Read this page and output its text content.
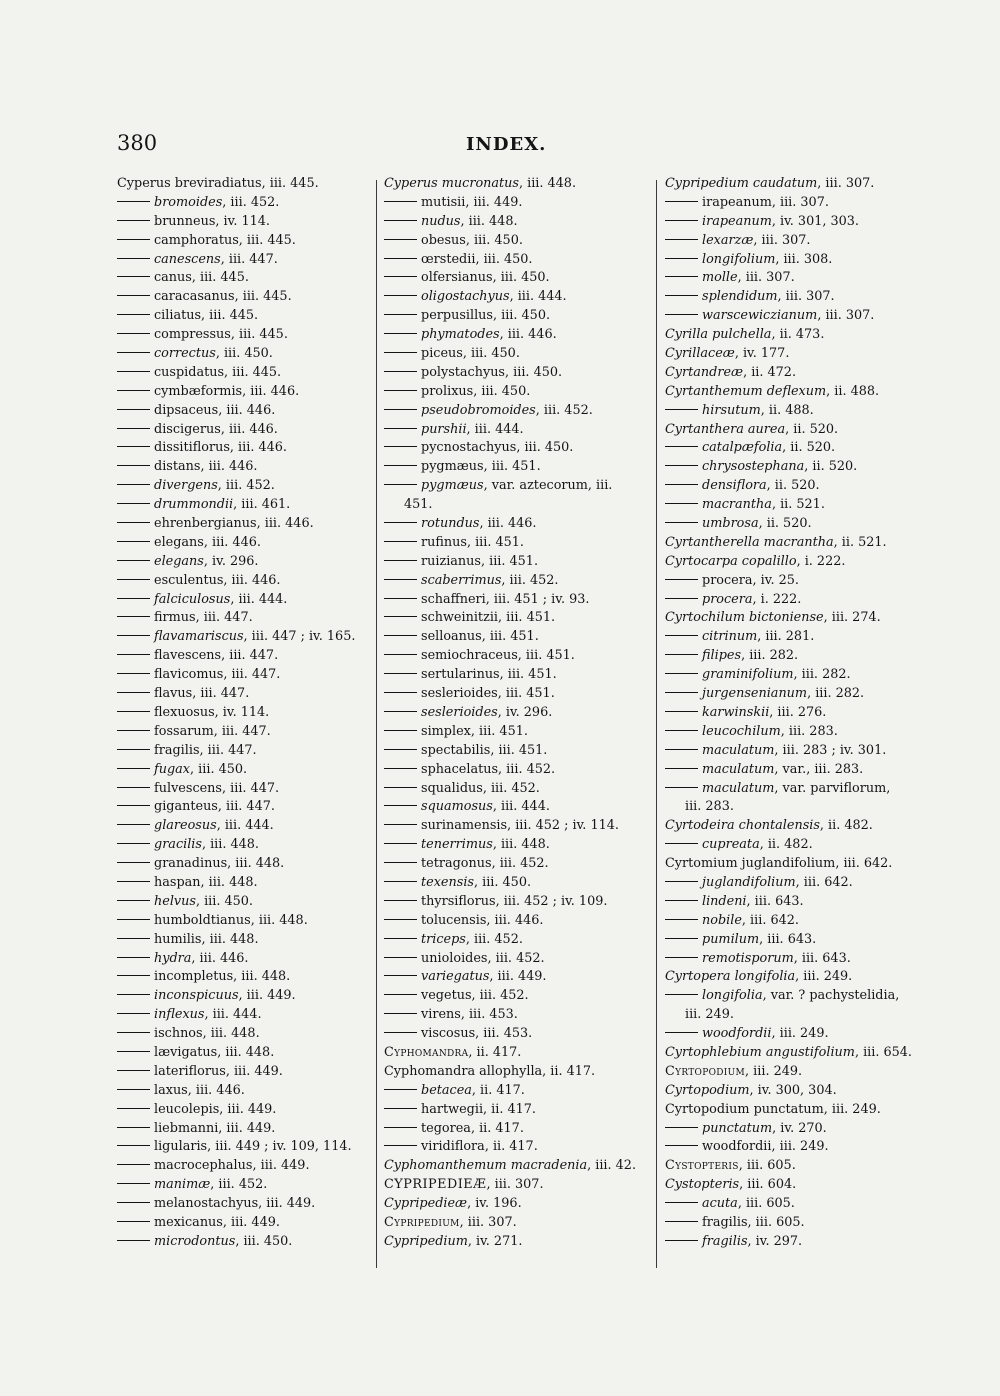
380	INDEX.
Cyperus breviradiatus, iii. 445.
bromoides, iii. 452.
brunneus, iv. 114.
camphoratus, iii. 445.
canescens, iii. 447.
canus, iii. 445.
caracasanus, iii. 445.
ciliatus, iii. 445.
compressus, iii. 445.
correctus, iii. 450.
cuspidatus, iii. 445.
cymbæformis, iii. 446.
dipsaceus, iii. 446.
discigerus, iii. 446.
dissitiflorus, iii. 446.
distans, iii. 446.
divergens, iii. 452.
drummondii, iii. 461.
ehrenbergianus, iii. 446.
elegans, iii. 446.
elegans, iv. 296.
esculentus, iii. 446.
falciculosus, iii. 444.
firmus, iii. 447.
flavamariscus, iii. 447 ; iv. 165.
flavescens, iii. 447.
flavicomus, iii. 447.
flavus, iii. 447.
flexuosus, iv. 114.
fossarum, iii. 447.
fragilis, iii. 447.
fugax, iii. 450.
fulvescens, iii. 447.
giganteus, iii. 447.
glareosus, iii. 444.
gracilis, iii. 448.
granadinus, iii. 448.
haspan, iii. 448.
helvus, iii. 450.
humboldtianus, iii. 448.
humilis, iii. 448.
hydra, iii. 446.
incompletus, iii. 448.
inconspicuus, iii. 449.
inflexus, iii. 444.
ischnos, iii. 448.
lævigatus, iii. 448.
lateriflorus, iii. 449.
laxus, iii. 446.
leucolepis, iii. 449.
liebmanni, iii. 449.
ligularis, iii. 449 ; iv. 109, 114.
macrocephalus, iii. 449.
manimæ, iii. 452.
melanostachyus, iii. 449.
mexicanus, iii. 449.
microdontus, iii. 450.
Cyperus mucronatus, iii. 448.
mutisii, iii. 449.
nudus, iii. 448.
obesus, iii. 450.
œrstedii, iii. 450.
olfersianus, iii. 450.
oligostachyus, iii. 444.
perpusillus, iii. 450.
phymatodes, iii. 446.
piceus, iii. 450.
polystachyus, iii. 450.
prolixus, iii. 450.
pseudobromoides, iii. 452.
purshii, iii. 444.
pycnostachyus, iii. 450.
pygmæus, iii. 451.
pygmæus, var. aztecorum, iii.
451.
rotundus, iii. 446.
rufinus, iii. 451.
ruizianus, iii. 451.
scaberrimus, iii. 452.
schaffneri, iii. 451 ; iv. 93.
schweinitzii, iii. 451.
selloanus, iii. 451.
semiochraceus, iii. 451.
sertularinus, iii. 451.
seslerioides, iii. 451.
seslerioides, iv. 296.
simplex, iii. 451.
spectabilis, iii. 451.
sphacelatus, iii. 452.
squalidus, iii. 452.
squamosus, iii. 444.
surinamensis, iii. 452 ; iv. 114.
tenerrimus, iii. 448.
tetragonus, iii. 452.
texensis, iii. 450.
thyrsiflorus, iii. 452 ; iv. 109.
tolucensis, iii. 446.
triceps, iii. 452.
unioloides, iii. 452.
variegatus, iii. 449.
vegetus, iii. 452.
virens, iii. 453.
viscosus, iii. 453.
Cyphomandra, ii. 417.
Cyphomandra allophylla, ii. 417.
betacea, ii. 417.
hartwegii, ii. 417.
tegorea, ii. 417.
viridiflora, ii. 417.
Cyphomanthemum macradenia, iii. 42.
CYPRIPEDIEÆ, iii. 307.
Cypripedieæ, iv. 196.
Cypripedium, iii. 307.
Cypripedium, iv. 271.
Cypripedium caudatum, iii. 307.
irapeanum, iii. 307.
irapeanum, iv. 301, 303.
lexarzæ, iii. 307.
longifolium, iii. 308.
molle, iii. 307.
splendidum, iii. 307.
warscewiczianum, iii. 307.
Cyrilla pulchella, ii. 473.
Cyrillaceæ, iv. 177.
Cyrtandreæ, ii. 472.
Cyrtanthemum deflexum, ii. 488.
hirsutum, ii. 488.
Cyrtanthera aurea, ii. 520.
catalpæfolia, ii. 520.
chrysostephana, ii. 520.
densiflora, ii. 520.
macrantha, ii. 521.
umbrosa, ii. 520.
Cyrtantherella macrantha, ii. 521.
Cyrtocarpa copalillo, i. 222.
procera, iv. 25.
procera, i. 222.
Cyrtochilum bictoniense, iii. 274.
citrinum, iii. 281.
filipes, iii. 282.
graminifolium, iii. 282.
jurgensenianum, iii. 282.
karwinskii, iii. 276.
leucochilum, iii. 283.
maculatum, iii. 283 ; iv. 301.
maculatum, var., iii. 283.
maculatum, var. parviflorum,
iii. 283.
Cyrtodeira chontalensis, ii. 482.
cupreata, ii. 482.
Cyrtomium juglandifolium, iii. 642.
juglandifolium, iii. 642.
lindeni, iii. 643.
nobile, iii. 642.
pumilum, iii. 643.
remotisporum, iii. 643.
Cyrtopera longifolia, iii. 249.
longifolia, var. ? pachystelidia,
iii. 249.
woodfordii, iii. 249.
Cyrtophlebium angustifolium, iii. 654.
Cyrtopodium, iii. 249.
Cyrtopodium, iv. 300, 304.
Cyrtopodium punctatum, iii. 249.
punctatum, iv. 270.
woodfordii, iii. 249.
Cystopteris, iii. 605.
Cystopteris, iii. 604.
acuta, iii. 605.
fragilis, iii. 605.
fragilis, iv. 297.
